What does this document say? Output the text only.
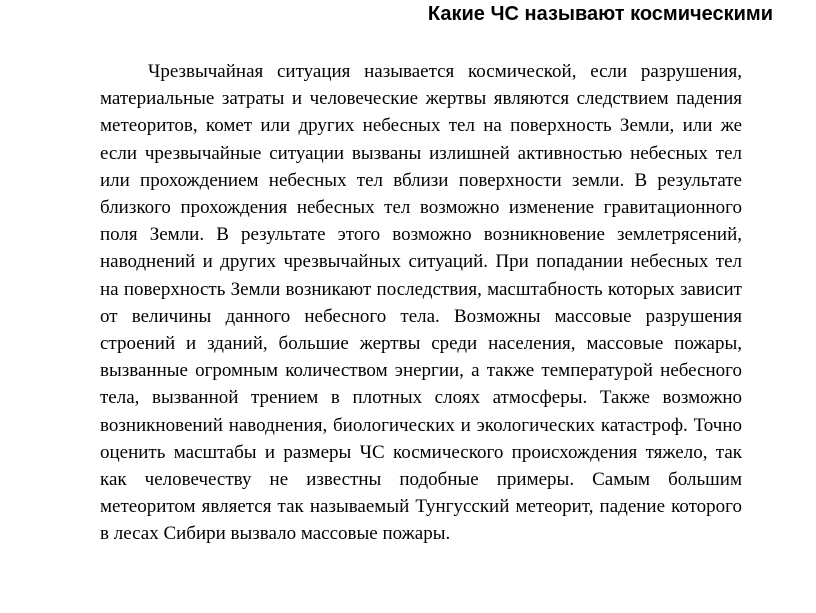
Какие ЧС называют космическими

Чрезвычайная ситуация называется космической, если разрушения, материальные затраты и человеческие жертвы являются следствием падения метеоритов, комет или других небесных тел на поверхность Земли, или же если чрезвычайные ситуации вызваны излишней активностью небесных тел или прохождением небесных тел вблизи поверхности земли. В результате близкого прохождения небесных тел возможно изменение гравитационного поля Земли. В результате этого возможно возникновение землетрясений, наводнений и других чрезвычайных ситуаций. При попадании небесных тел на поверхность Земли возникают последствия, масштабность которых зависит от величины данного небесного тела. Возможны массовые разрушения строений и зданий, большие жертвы среди населения, массовые пожары, вызванные огромным количеством энергии, а также температурой небесного тела, вызванной трением в плотных слоях атмосферы. Также возможно возникновений наводнения, биологических и экологических катастроф. Точно оценить масштабы и размеры ЧС космического происхождения тяжело, так как человечеству не известны подобные примеры. Самым большим метеоритом является так называемый Тунгусский метеорит, падение которого в лесах Сибири вызвало массовые пожары.
